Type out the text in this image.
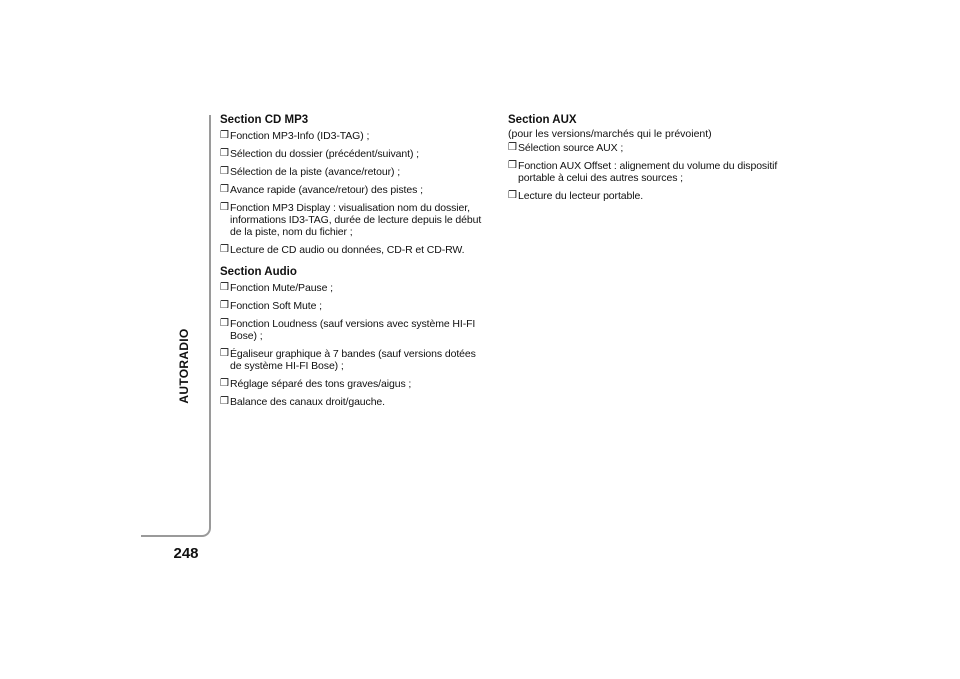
AUTORADIO
248
Section CD MP3
❒ Fonction MP3-Info (ID3-TAG) ;
❒ Sélection du dossier (précédent/suivant) ;
❒ Sélection de la piste (avance/retour) ;
❒ Avance rapide (avance/retour) des pistes ;
❒ Fonction MP3 Display : visualisation nom du dossier, informations ID3-TAG, durée de lecture depuis le début de la piste, nom du fichier ;
❒ Lecture de CD audio ou données, CD-R et CD-RW.
Section Audio
❒ Fonction Mute/Pause ;
❒ Fonction Soft Mute ;
❒ Fonction Loudness (sauf versions avec système HI-FI Bose) ;
❒ Égaliseur graphique à 7 bandes (sauf versions dotées de système HI-FI Bose) ;
❒ Réglage séparé des tons graves/aigus ;
❒ Balance des canaux droit/gauche.
Section AUX
(pour les versions/marchés qui le prévoient)
❒ Sélection source AUX ;
❒ Fonction AUX Offset : alignement du volume du dispositif portable à celui des autres sources ;
❒ Lecture du lecteur portable.
